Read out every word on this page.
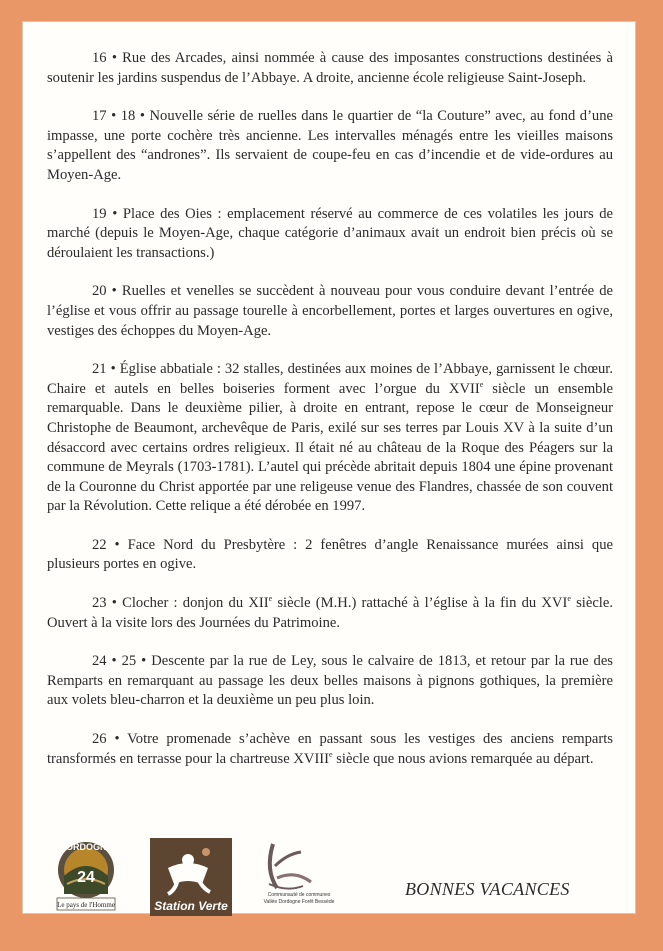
16 • Rue des Arcades, ainsi nommée à cause des imposantes constructions destinées à soutenir les jardins suspendus de l’Abbaye. A droite, ancienne école religieuse Saint-Joseph.

17 • 18 • Nouvelle série de ruelles dans le quartier de “la Couture” avec, au fond d’une impasse, une porte cochère très ancienne. Les intervalles ménagés entre les vieilles maisons s’appellent des “andrones”. Ils servaient de coupe-feu en cas d’incendie et de vide-ordures au Moyen-Age.

19 • Place des Oies : emplacement réservé au commerce de ces volatiles les jours de marché (depuis le Moyen-Age, chaque catégorie d’animaux avait un endroit bien précis où se déroulaient les transactions.)

20 • Ruelles et venelles se succèdent à nouveau pour vous conduire devant l’entrée de l’église et vous offrir au passage tourelle à encorbellement, portes et larges ouvertures en ogive, vestiges des échoppes du Moyen-Age.

21 • Église abbatiale : 32 stalles, destinées aux moines de l’Abbaye, garnissent le chœur. Chaire et autels en belles boiseries forment avec l’orgue du XVIIe siècle un ensemble remarquable. Dans le deuxième pilier, à droite en entrant, repose le cœur de Monseigneur Christophe de Beaumont, archevêque de Paris, exilé sur ses terres par Louis XV à la suite d’un désaccord avec certains ordres religieux. Il était né au château de la Roque des Péagers sur la commune de Meyrals (1703-1781). L’autel qui précède abritait depuis 1804 une épine provenant de la Couronne du Christ apportée par une religeuse venue des Flandres, chassée de son couvent par la Révolution. Cette relique a été dérobée en 1997.

22 • Face Nord du Presbytère : 2 fenêtres d’angle Renaissance murées ainsi que plusieurs portes en ogive.

23 • Clocher : donjon du XIIe siècle (M.H.) rattaché à l’église à la fin du XVIe siècle. Ouvert à la visite lors des Journées du Patrimoine.

24 • 25 • Descente par la rue de Ley, sous le calvaire de 1813, et retour par la rue des Remparts en remarquant au passage les deux belles maisons à pignons gothiques, la première aux volets bleu-charron et la deuxième un peu plus loin.

26 • Votre promenade s’achève en passant sous les vestiges des anciens remparts transformés en terrasse pour la chartreuse XVIIIe siècle que nous avions remarquée au départ.

DORDOGNE
24
Le pays de l'Homme	Station Verte
Communauté de communes
Vallée Dordogne Forêt Bessède
BONNES VACANCES
